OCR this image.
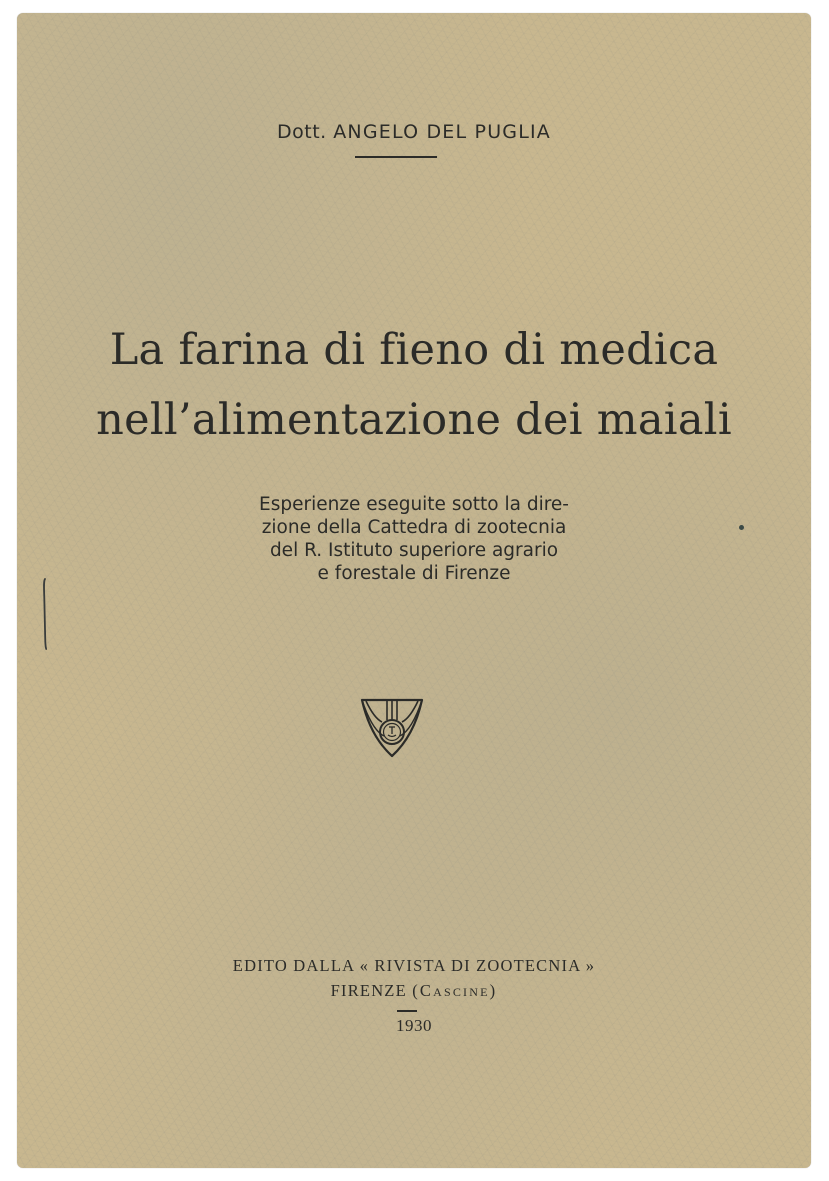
Dott. ANGELO DEL PUGLIA
La farina di fieno di medica
nell’alimentazione dei maiali
Esperienze eseguite sotto la dire-
zione della Cattedra di zootecnia
del R. Istituto superiore agrario
e forestale di Firenze
EDITO DALLA « RIVISTA DI ZOOTECNIA »
FIRENZE (Cascine)
1930
